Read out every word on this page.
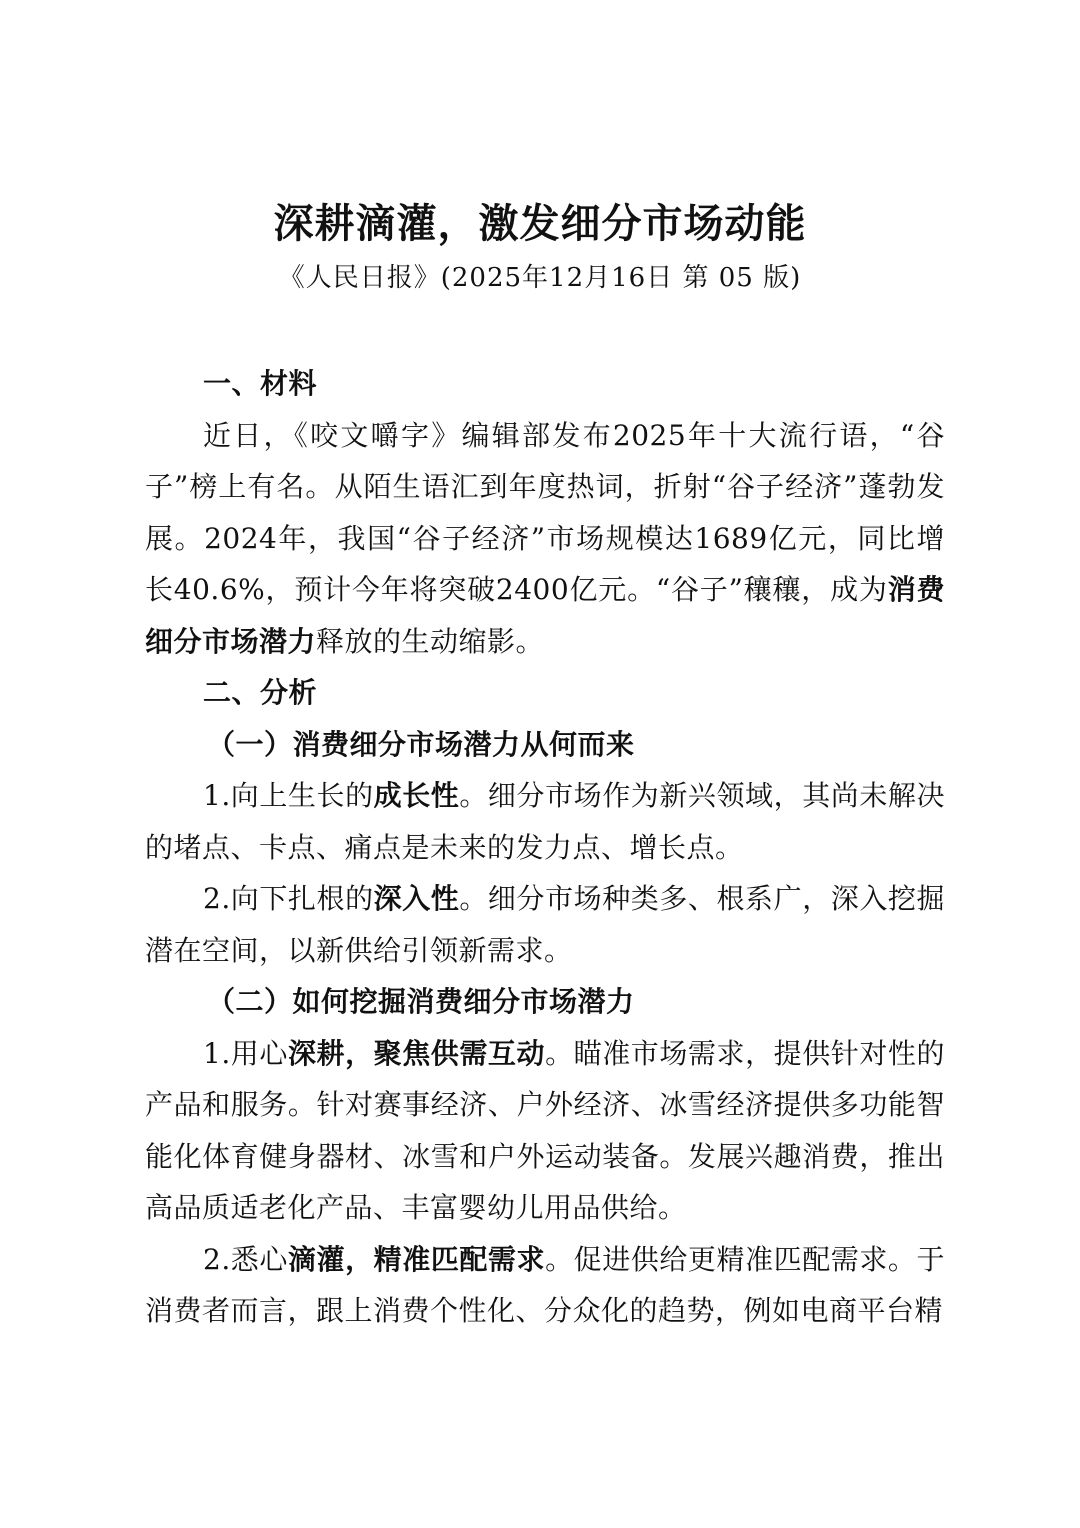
深耕滴灌，激发细分市场动能
《人民日报》(2025年12月16日 第 05 版)

一、材料

近日，《咬文嚼字》编辑部发布2025年十大流行语，“谷子”榜上有名。从陌生语汇到年度热词，折射“谷子经济”蓬勃发展。2024年，我国“谷子经济”市场规模达1689亿元，同比增长40.6%，预计今年将突破2400亿元。“谷子”穰穰，成为消费细分市场潜力释放的生动缩影。

二、分析

（一）消费细分市场潜力从何而来

1.向上生长的成长性。细分市场作为新兴领域，其尚未解决的堵点、卡点、痛点是未来的发力点、增长点。

2.向下扎根的深入性。细分市场种类多、根系广，深入挖掘潜在空间，以新供给引领新需求。

（二）如何挖掘消费细分市场潜力

1.用心深耕，聚焦供需互动。瞄准市场需求，提供针对性的产品和服务。针对赛事经济、户外经济、冰雪经济提供多功能智能化体育健身器材、冰雪和户外运动装备。发展兴趣消费，推出高品质适老化产品、丰富婴幼儿用品供给。

2.悉心滴灌，精准匹配需求。促进供给更精准匹配需求。于消费者而言，跟上消费个性化、分众化的趋势，例如电商平台精
